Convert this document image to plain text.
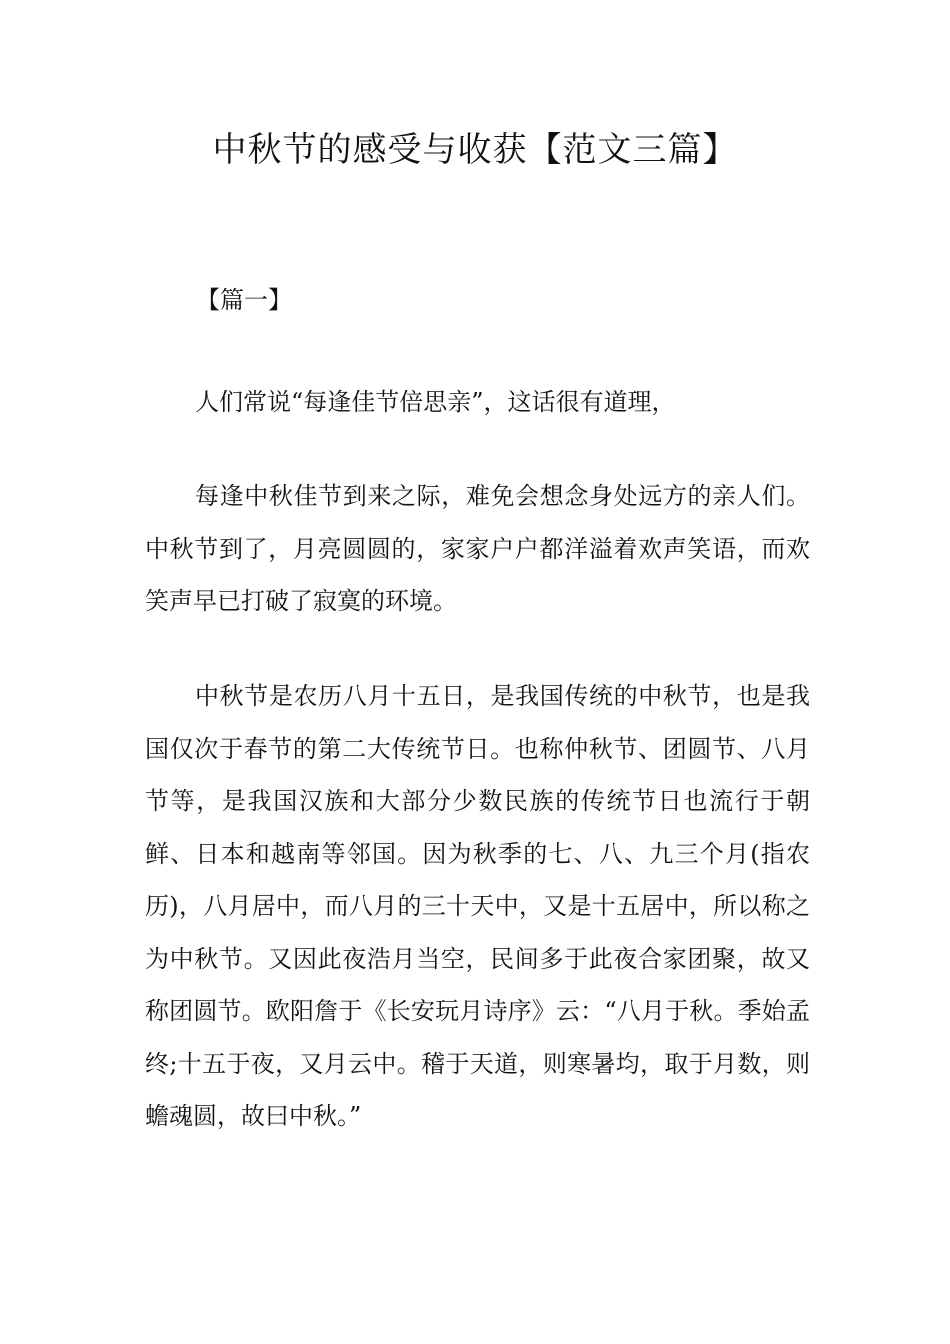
中秋节的感受与收获【范文三篇】

【篇一】

人们常说“每逢佳节倍思亲”，这话很有道理，

每逢中秋佳节到来之际，难免会想念身处远方的亲人们。中秋节到了，月亮圆圆的，家家户户都洋溢着欢声笑语，而欢笑声早已打破了寂寞的环境。

中秋节是农历八月十五日，是我国传统的中秋节，也是我国仅次于春节的第二大传统节日。也称仲秋节、团圆节、八月节等，是我国汉族和大部分少数民族的传统节日也流行于朝鲜、日本和越南等邻国。因为秋季的七、八、九三个月(指农历)，八月居中，而八月的三十天中，又是十五居中，所以称之为中秋节。又因此夜浩月当空，民间多于此夜合家团聚，故又称团圆节。欧阳詹于《长安玩月诗序》云：“八月于秋。季始孟终;十五于夜，又月云中。稽于天道，则寒暑均，取于月数，则蟾魂圆，故曰中秋。”
